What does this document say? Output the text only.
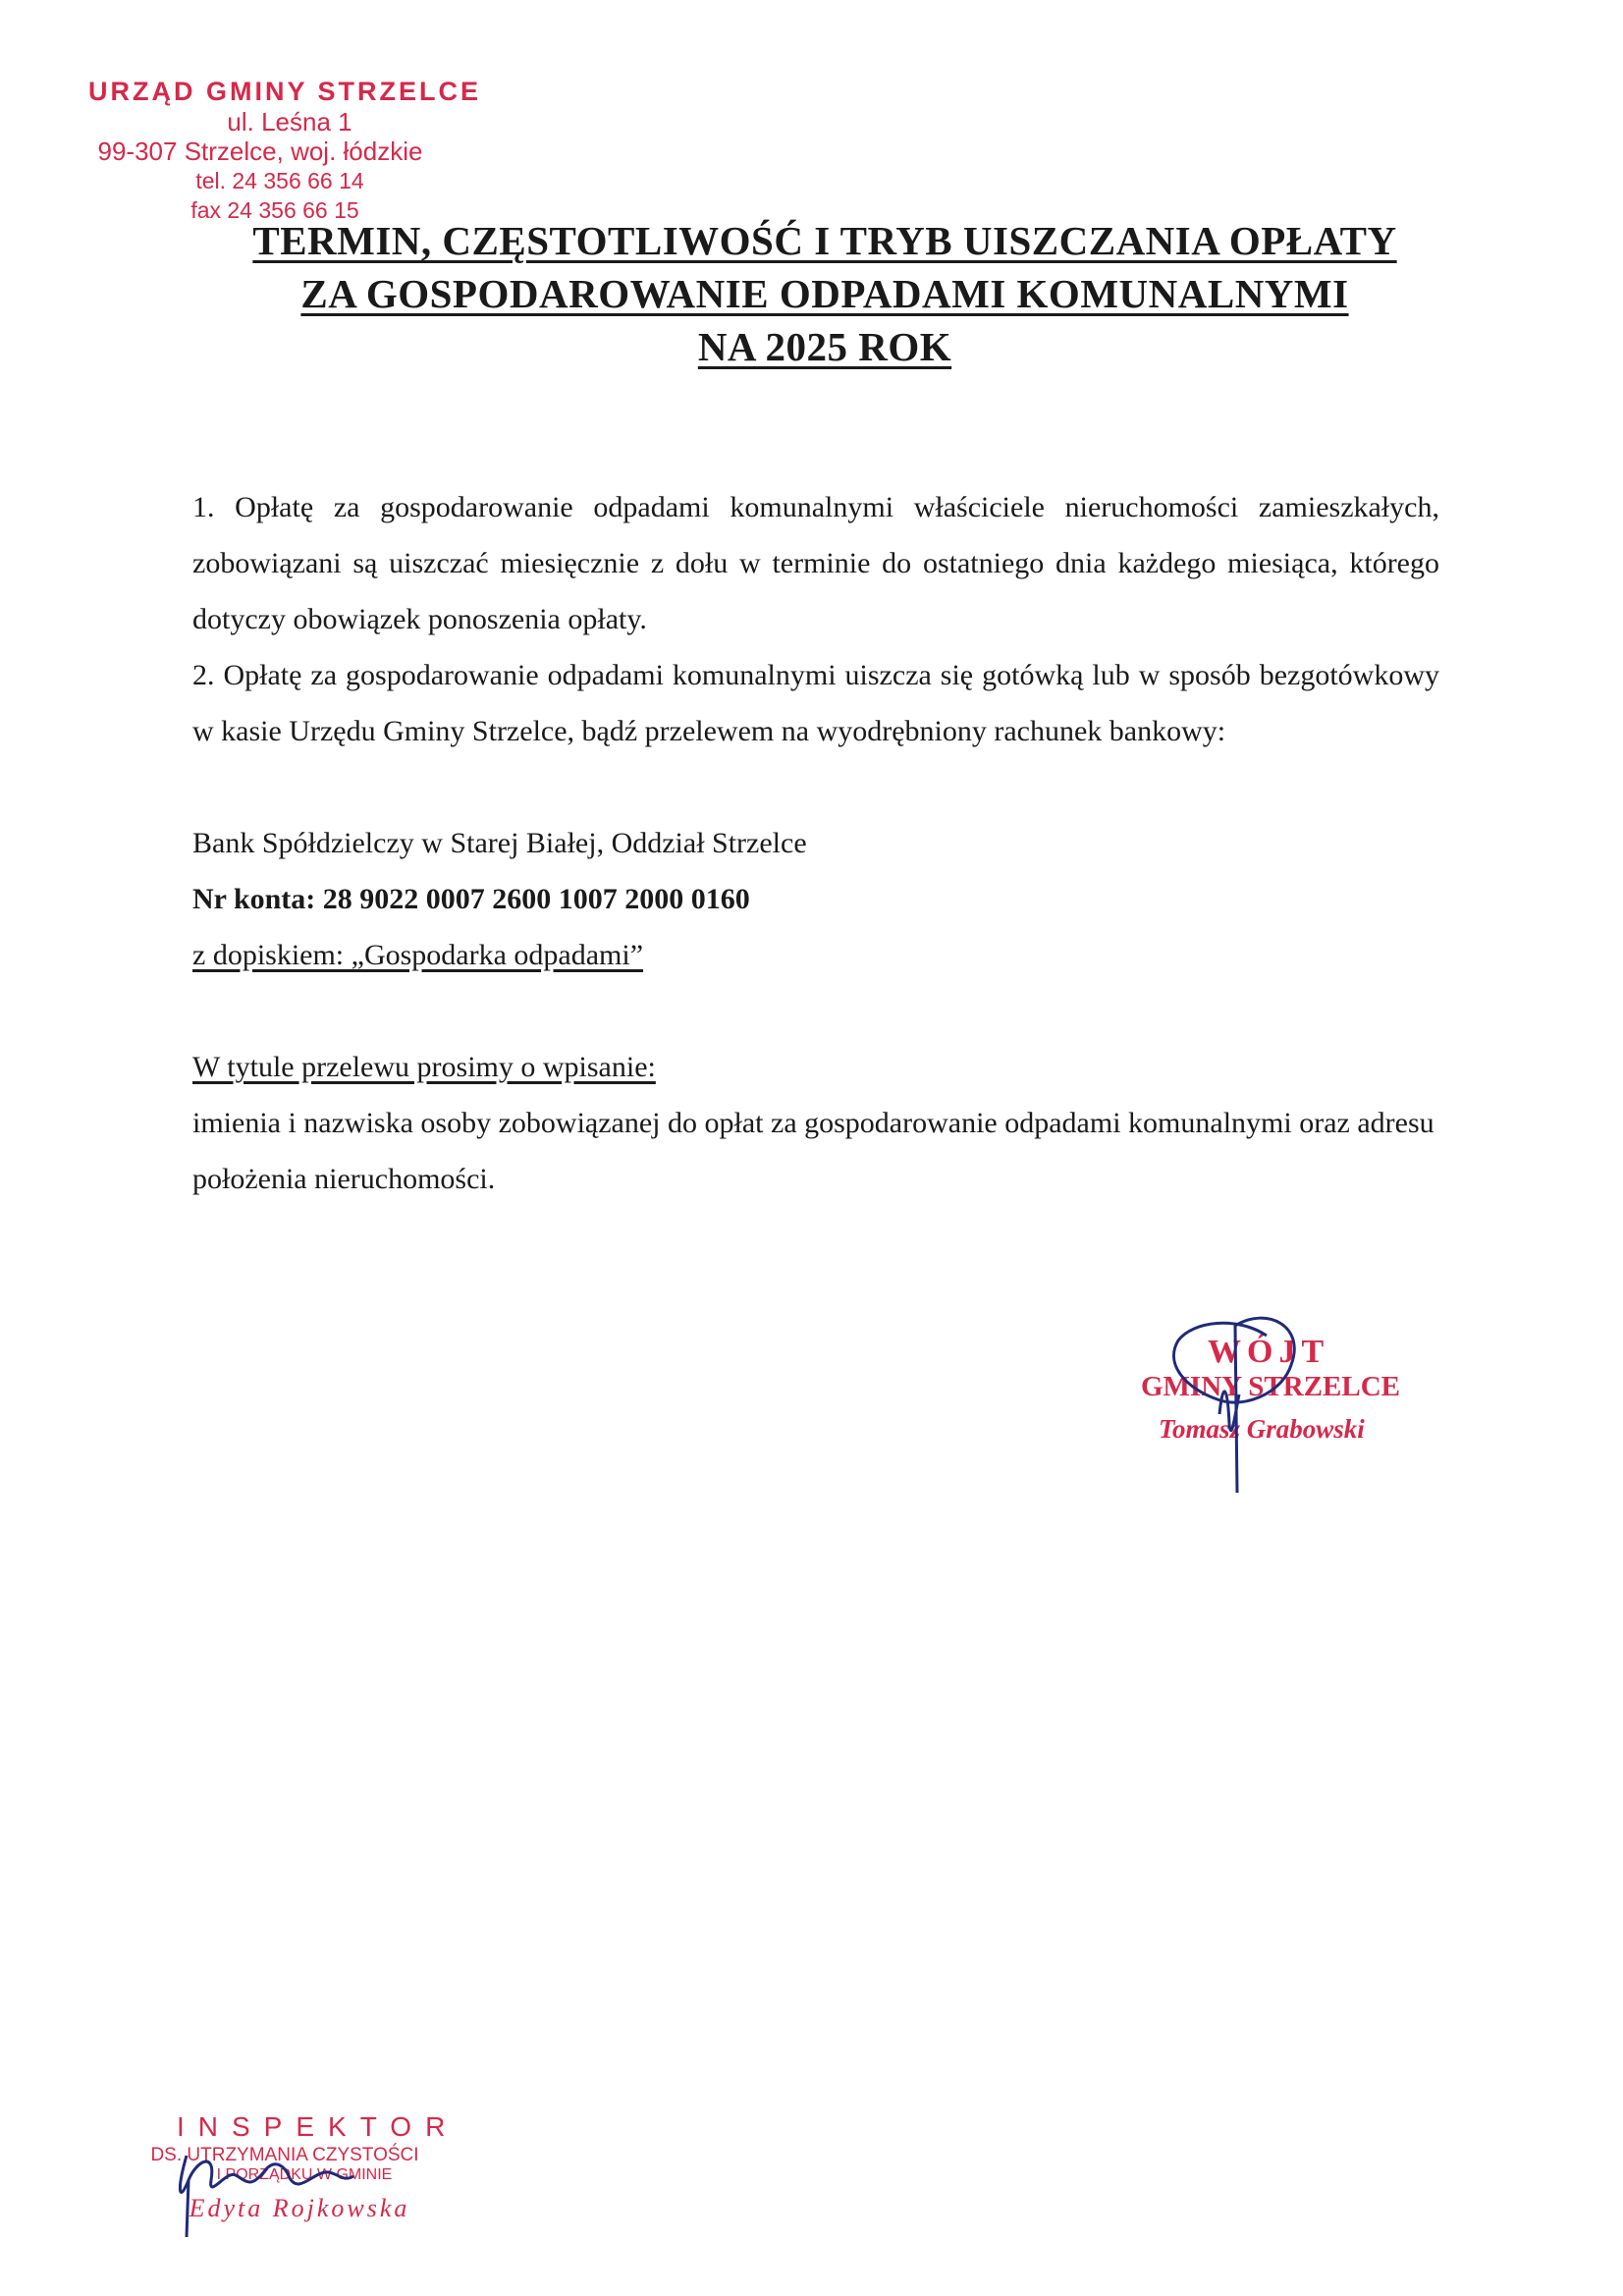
URZĄD GMINY STRZELCE
ul. Leśna 1
99-307 Strzelce, woj. łódzkie
tel. 24 356 66 14
fax 24 356 66 15
TERMIN, CZĘSTOTLIWOŚĆ I TRYB UISZCZANIA OPŁATY
ZA GOSPODAROWANIE ODPADAMI KOMUNALNYMI
NA 2025 ROK

1. Opłatę za gospodarowanie odpadami komunalnymi właściciele nieruchomości zamieszkałych, zobowiązani są uiszczać miesięcznie z dołu w terminie do ostatniego dnia każdego miesiąca, którego dotyczy obowiązek ponoszenia opłaty.

2. Opłatę za gospodarowanie odpadami komunalnymi uiszcza się gotówką lub w sposób bezgotówkowy w kasie Urzędu Gminy Strzelce, bądź przelewem na wyodrębniony rachunek bankowy:

Bank Spółdzielczy w Starej Białej, Oddział Strzelce

Nr konta: 28 9022 0007 2600 1007 2000 0160

z dopiskiem: „Gospodarka odpadami”

W tytule przelewu prosimy o wpisanie:

imienia i nazwiska osoby zobowiązanej do opłat za gospodarowanie odpadami komunalnymi oraz adresu położenia nieruchomości.

WÓJT
GMINY STRZELCE
Tomasz Grabowski
INSPEKTOR
DS. UTRZYMANIA CZYSTOŚCI
I PORZĄDKU W GMINIE
Edyta Rojkowska
